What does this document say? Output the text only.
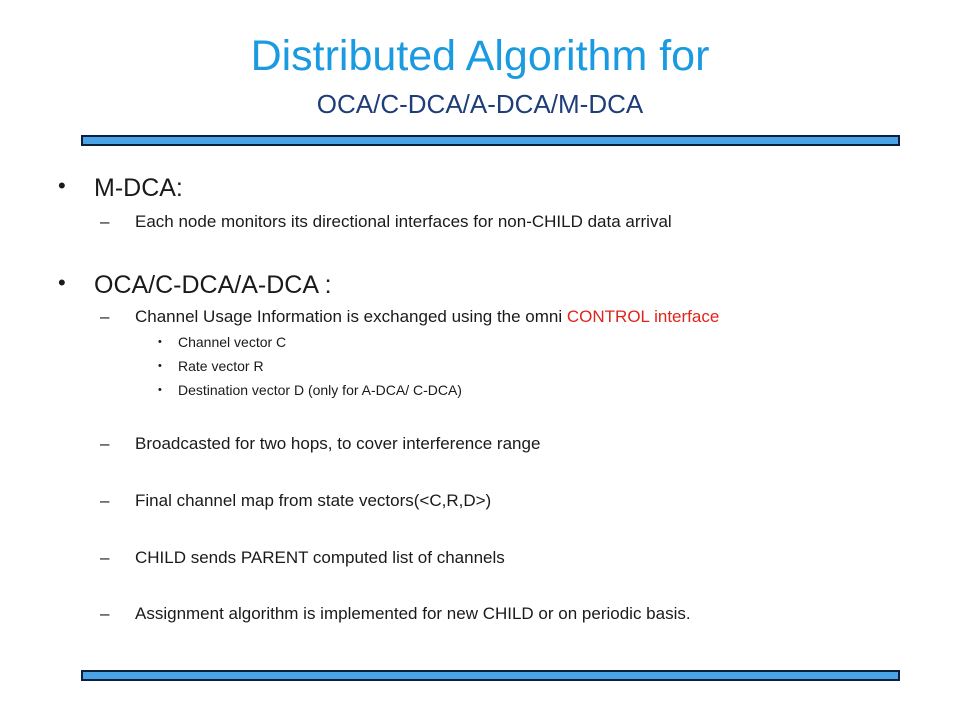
Distributed Algorithm for
OCA/C-DCA/A-DCA/M-DCA
• M-DCA:
– Each node monitors its directional interfaces for non-CHILD data arrival
• OCA/C-DCA/A-DCA :
– Channel Usage Information is exchanged using the omni CONTROL interface
• Channel vector C
• Rate vector R
• Destination vector D (only for A-DCA/ C-DCA)
– Broadcasted for two hops, to cover interference range
– Final channel map from state vectors(<C,R,D>)
– CHILD sends PARENT computed list of channels
– Assignment algorithm is implemented for new CHILD or on periodic basis.
